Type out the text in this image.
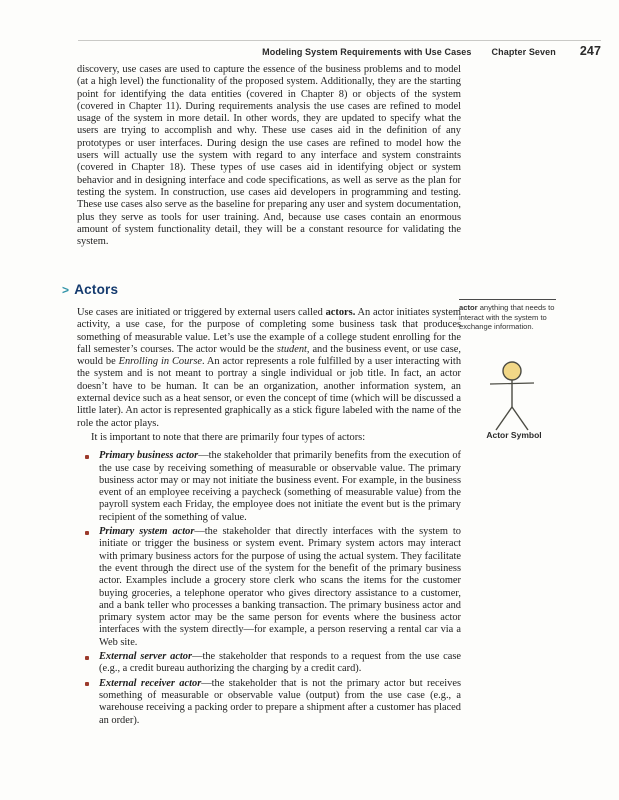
Modeling System Requirements with Use Cases Chapter Seven 247

discovery, use cases are used to capture the essence of the business problems and to model (at a high level) the functionality of the proposed system. Additionally, they are the starting point for identifying the data entities (covered in Chapter 8) or objects of the system (covered in Chapter 11). During requirements analysis the use cases are refined to model usage of the system in more detail. In other words, they are updated to specify what the users are trying to accomplish and why. These use cases aid in the definition of any prototypes or user interfaces. During design the use cases are refined to model how the users will actually use the system with regard to any interface and system constraints (covered in Chapter 18). These types of use cases aid in identifying object or system behavior and in designing interface and code specifications, as well as serve as the plan for testing the system. In construction, use cases aid developers in programming and testing. These use cases also serve as the baseline for preparing any user and system documentation, plus they serve as tools for user training. And, because use cases contain an enormous amount of system functionality detail, they will be a constant resource for validating the system.

> Actors

Use cases are initiated or triggered by external users called actors. An actor initiates system activity, a use case, for the purpose of completing some business task that produces something of measurable value. Let’s use the example of a college student enrolling for the fall semester’s courses. The actor would be the student, and the business event, or use case, would be Enrolling in Course. An actor represents a role fulfilled by a user interacting with the system and is not meant to portray a single individual or job title. In fact, an actor doesn’t have to be human. It can be an organization, another information system, an external device such as a heat sensor, or even the concept of time (which will be discussed a little later). An actor is represented graphically as a stick figure labeled with the name of the role the actor plays.

It is important to note that there are primarily four types of actors:

Primary business actor—the stakeholder that primarily benefits from the execution of the use case by receiving something of measurable or observable value. The primary business actor may or may not initiate the business event. For example, in the business event of an employee receiving a paycheck (something of measurable value) from the payroll system each Friday, the employee does not initiate the event but is the primary recipient of the something of value.
Primary system actor—the stakeholder that directly interfaces with the system to initiate or trigger the business or system event. Primary system actors may interact with primary business actors for the purpose of using the actual system. They facilitate the event through the direct use of the system for the benefit of the primary business actor. Examples include a grocery store clerk who scans the items for the customer buying groceries, a telephone operator who gives directory assistance to a customer, and a bank teller who processes a banking transaction. The primary business actor and primary system actor may be the same person for events where the business actor interfaces with the system directly—for example, a person reserving a rental car via a Web site.
External server actor—the stakeholder that responds to a request from the use case (e.g., a credit bureau authorizing the charging by a credit card).
External receiver actor—the stakeholder that is not the primary actor but receives something of measurable or observable value (output) from the use case (e.g., a warehouse receiving a packing order to prepare a shipment after a customer has placed an order).
actor anything that needs to interact with the system to exchange information.
Actor Symbol
